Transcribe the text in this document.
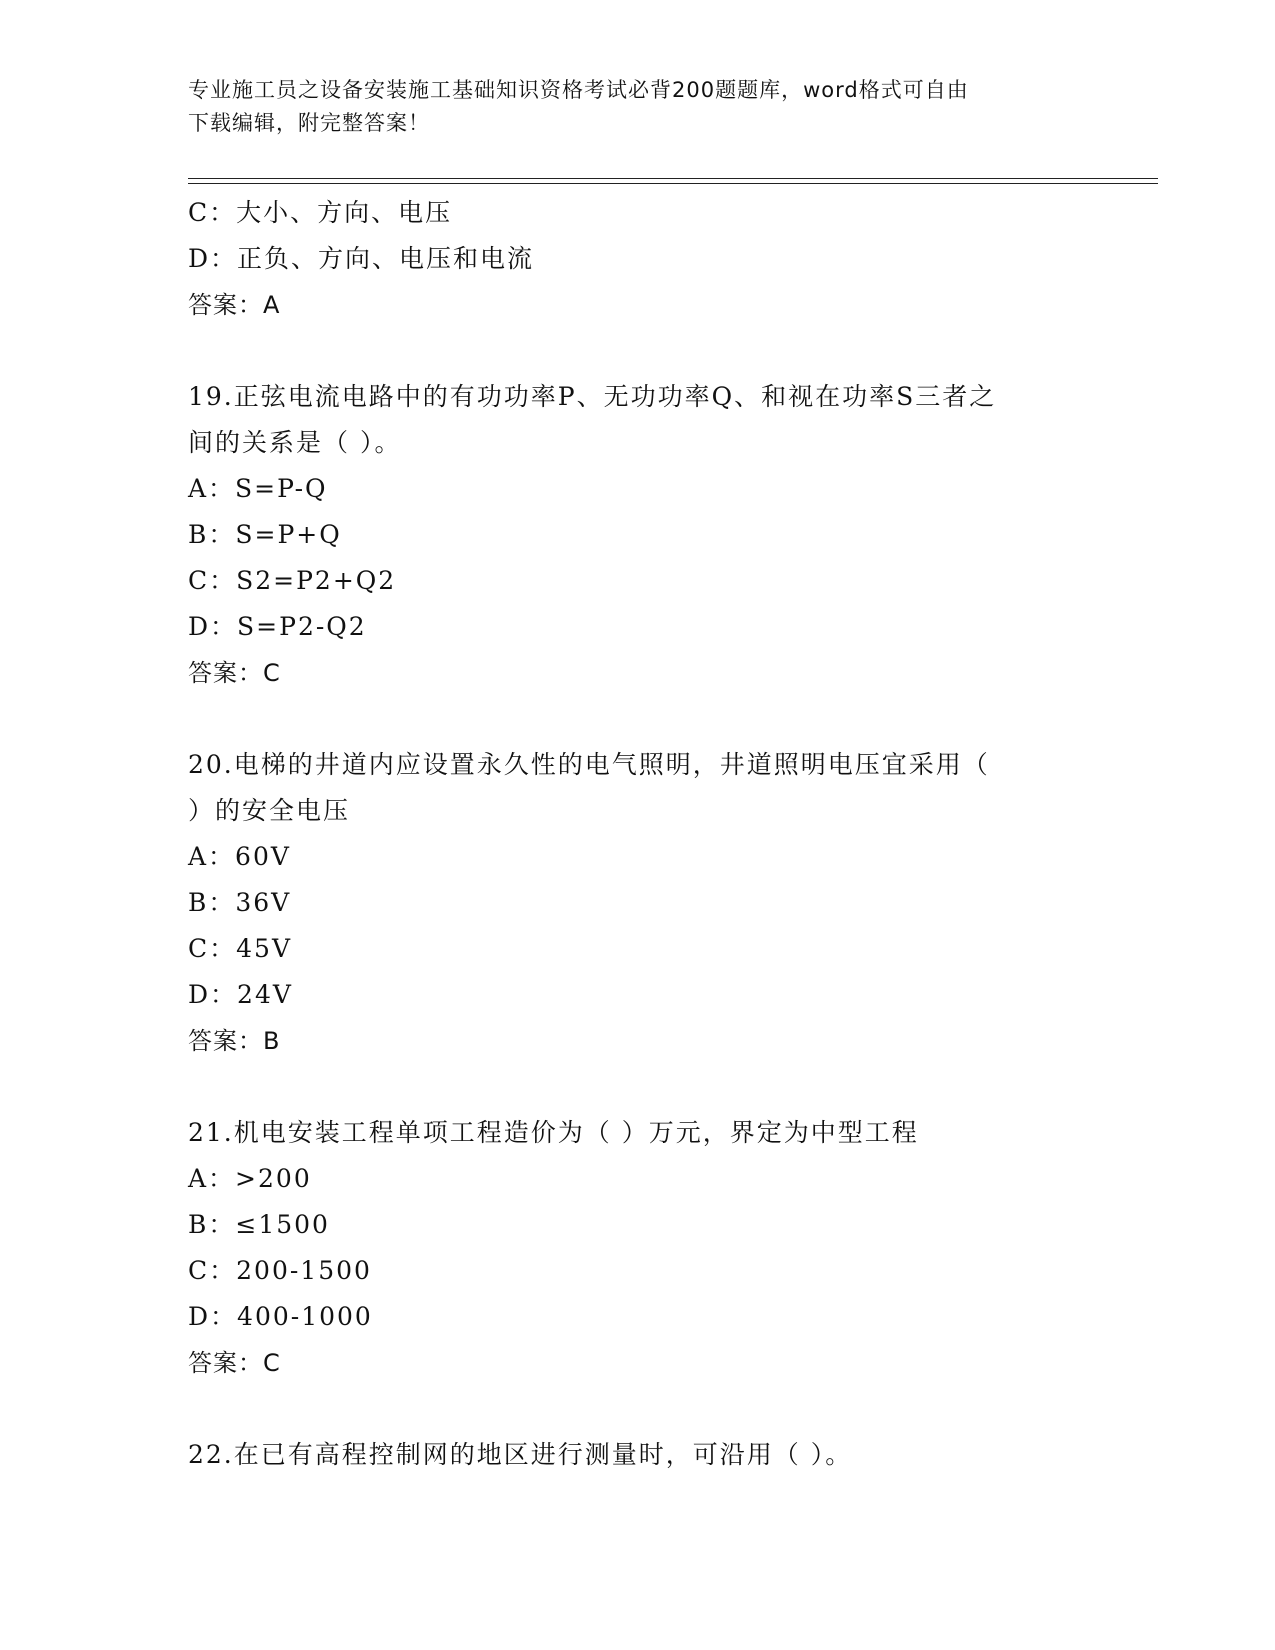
专业施工员之设备安装施工基础知识资格考试必背200题题库，word格式可自由
下载编辑，附完整答案！
C：大小、方向、电压
D：正负、方向、电压和电流
答案：A
19.正弦电流电路中的有功功率P、无功功率Q、和视在功率S三者之
间的关系是（ ）。
A：S=P-Q
B：S=P+Q
C：S2=P2+Q2
D：S=P2-Q2
答案：C
20.电梯的井道内应设置永久性的电气照明，井道照明电压宜采用（
）的安全电压
A：60V
B：36V
C：45V
D：24V
答案：B
21.机电安装工程单项工程造价为（ ）万元，界定为中型工程
A：>200
B：≤1500
C：200-1500
D：400-1000
答案：C
22.在已有高程控制网的地区进行测量时，可沿用（ ）。
